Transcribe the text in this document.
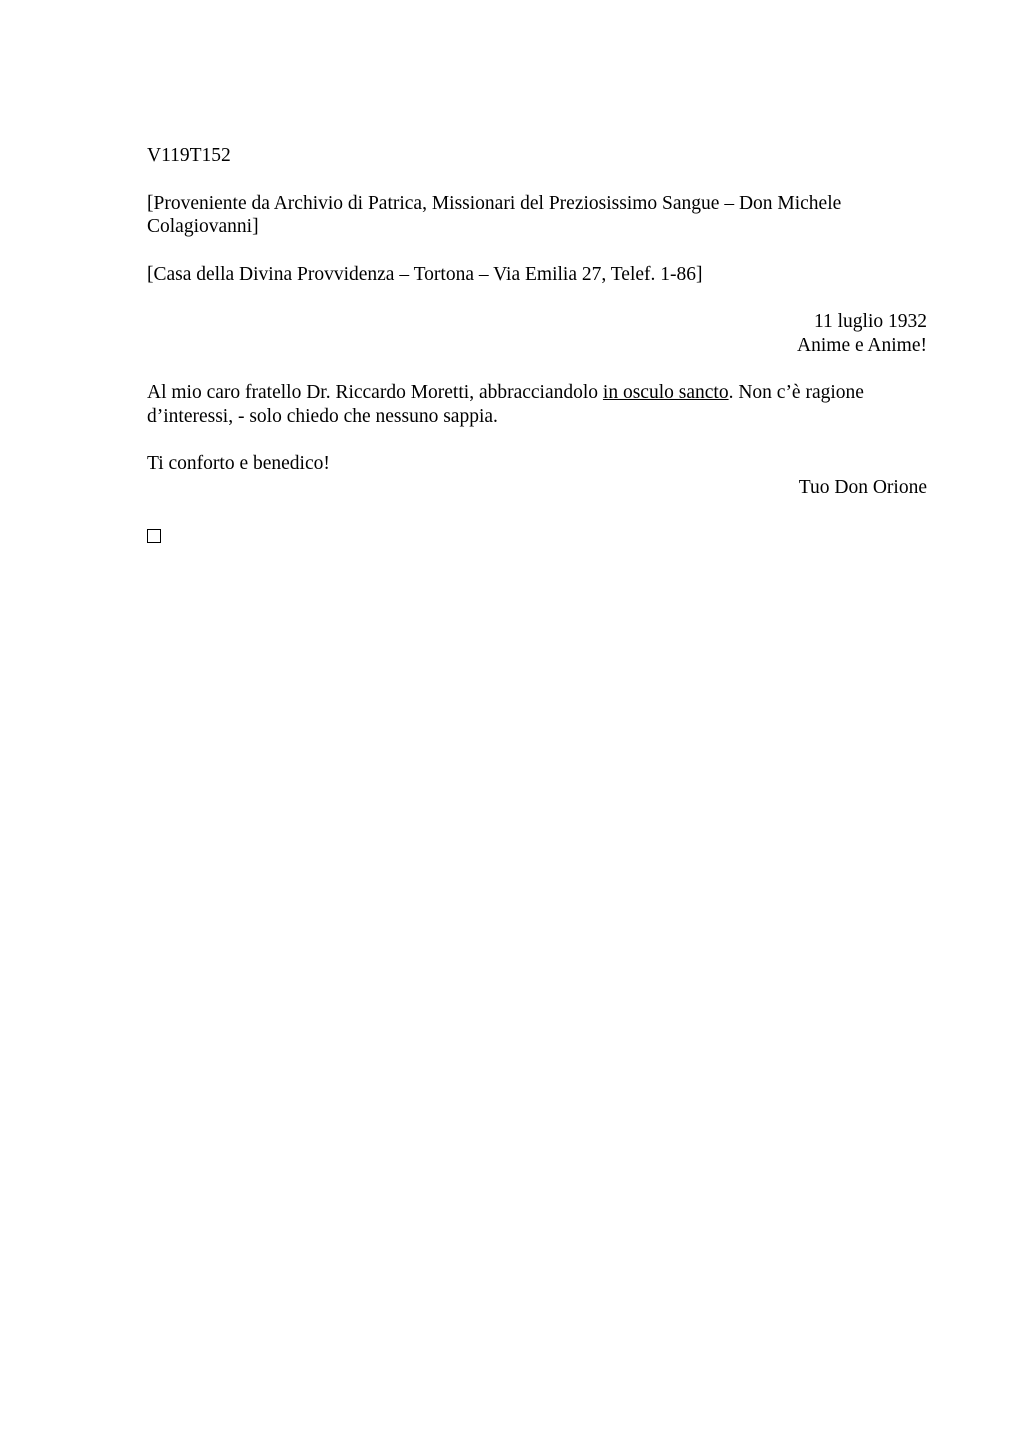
V119T152

[Proveniente da Archivio di Patrica, Missionari del Preziosissimo Sangue – Don Michele Colagiovanni]

[Casa della Divina Provvidenza – Tortona – Via Emilia 27, Telef. 1-86]

11 luglio 1932
Anime e Anime!

Al mio caro fratello Dr. Riccardo Moretti, abbracciandolo in osculo sancto. Non c’è ragione d’interessi, - solo chiedo che nessuno sappia.

Ti conforto e benedico!

Tuo Don Orione
